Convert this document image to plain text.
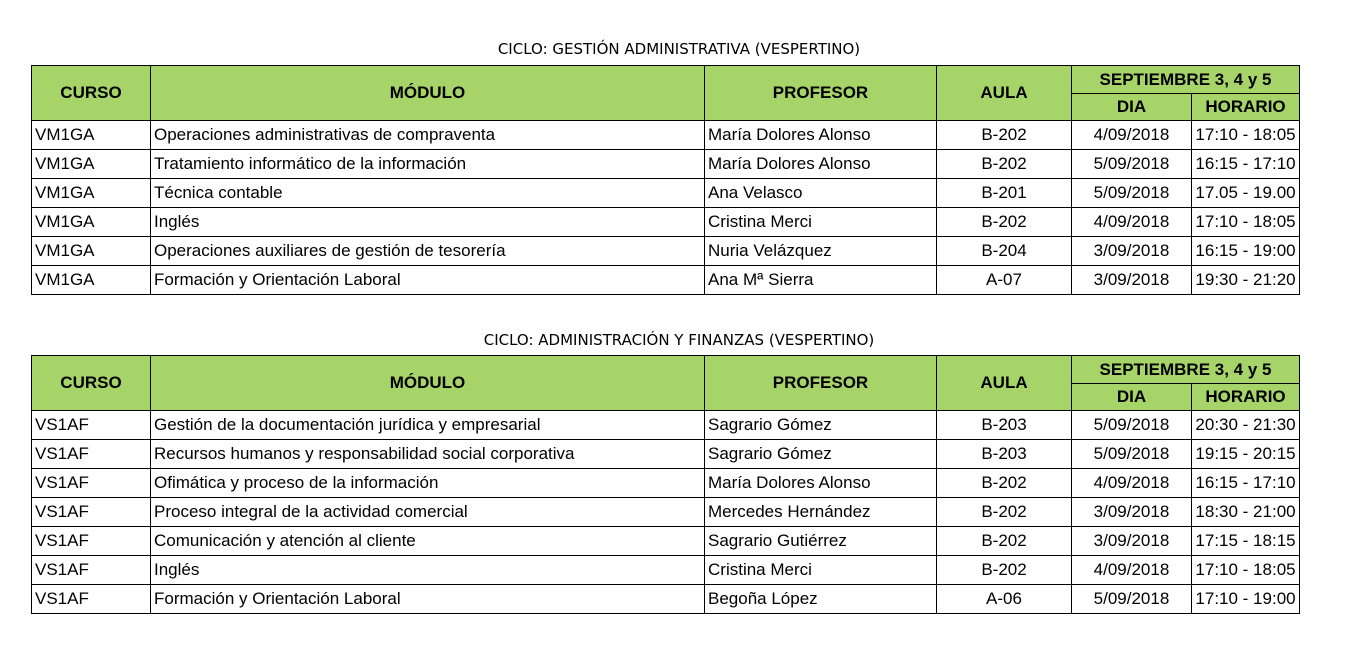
CICLO: GESTIÓN ADMINISTRATIVA (VESPERTINO)
CURSO	MÓDULO	PROFESOR	AULA	SEPTIEMBRE 3, 4 y 5	
				DIA	HORARIO
VM1GA	Operaciones administrativas de compraventa	María Dolores Alonso	B-202	4/09/2018	17:10 - 18:05
VM1GA	Tratamiento informático de la información	María Dolores Alonso	B-202	5/09/2018	16:15 - 17:10
VM1GA	Técnica contable	Ana Velasco	B-201	5/09/2018	17.05 - 19.00
VM1GA	Inglés	Cristina Merci	B-202	4/09/2018	17:10 - 18:05
VM1GA	Operaciones auxiliares de gestión de tesorería	Nuria Velázquez	B-204	3/09/2018	16:15 - 19:00
VM1GA	Formación y Orientación Laboral	Ana Mª Sierra	A-07	3/09/2018	19:30 - 21:20
CICLO: ADMINISTRACIÓN Y FINANZAS (VESPERTINO)
CURSO	MÓDULO	PROFESOR	AULA	SEPTIEMBRE 3, 4 y 5	
				DIA	HORARIO
VS1AF	Gestión de la documentación jurídica y empresarial	Sagrario Gómez	B-203	5/09/2018	20:30 - 21:30
VS1AF	Recursos humanos y responsabilidad social corporativa	Sagrario Gómez	B-203	5/09/2018	19:15 - 20:15
VS1AF	Ofimática y proceso de la información	María Dolores Alonso	B-202	4/09/2018	16:15 - 17:10
VS1AF	Proceso integral de la actividad comercial	Mercedes Hernández	B-202	3/09/2018	18:30 - 21:00
VS1AF	Comunicación y atención al cliente	Sagrario Gutiérrez	B-202	3/09/2018	17:15 - 18:15
VS1AF	Inglés	Cristina Merci	B-202	4/09/2018	17:10 - 18:05
VS1AF	Formación y Orientación Laboral	Begoña López	A-06	5/09/2018	17:10 - 19:00
